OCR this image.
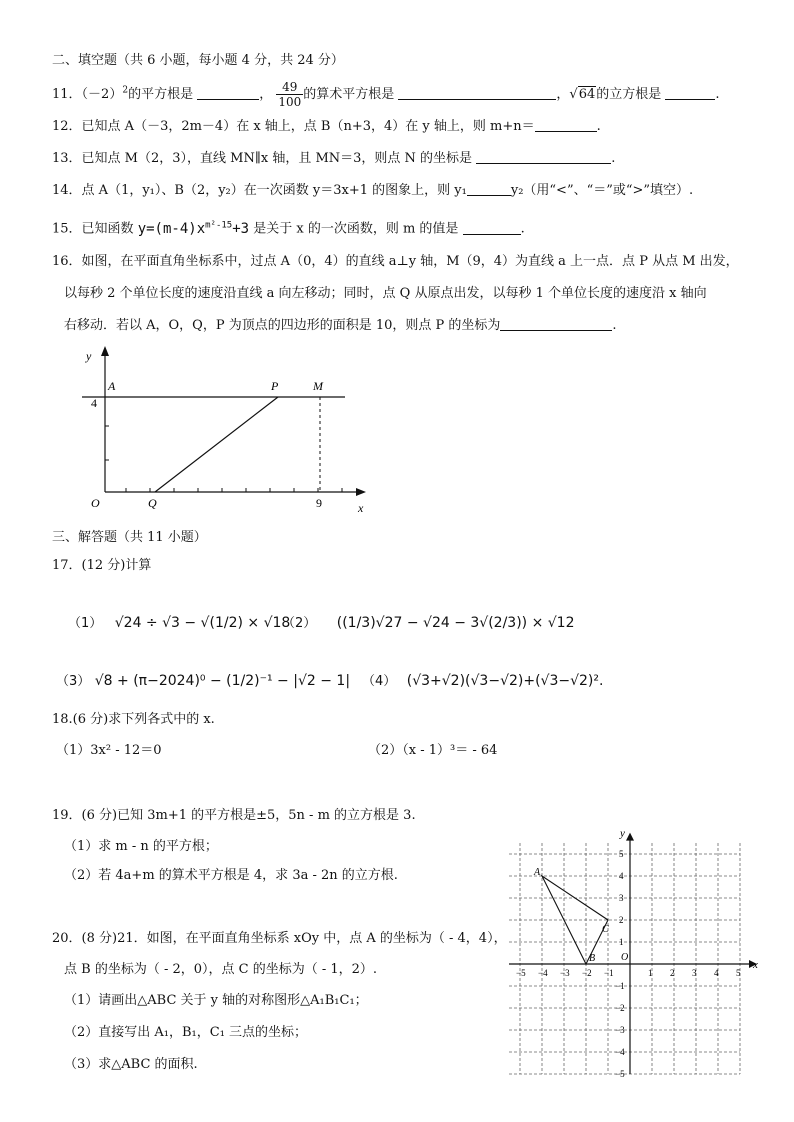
二、填空题（共 6 小题，每小题 4 分，共 24 分）
11．$(-2)^2$的平方根是	， $\frac{49}{100}$ 的算术平方根是	，√64的立方根是	.
12．已知点 A（－3，2m－4）在 x 轴上，点 B（n+3，4）在 y 轴上，则 m+n＝	.
13．已知点 M（2，3），直线 MN∥x 轴，且 MN＝3，则点 N 的坐标是	.
14．点 A（1，y₁）、B（2，y₂）在一次函数 y＝3x+1 的图象上，则 y₁	y₂（用“<”、“＝”或“>”填空）.
15．已知函数 $y=(m-4)x^{m^2-15}+3$ 是关于 x 的一次函数，则 m 的值是	.
16．如图，在平面直角坐标系中，过点 A（0，4）的直线 a⊥y 轴，M（9，4）为直线 a 上一点．点 P 从点 M 出发，
以每秒 2 个单位长度的速度沿直线 a 向左移动；同时，点 Q 从原点出发，以每秒 1 个单位长度的速度沿 x 轴向
右移动．若以 A，O，Q，P 为顶点的四边形的面积是 10，则点 P 的坐标为	.
y
x
A	P	M
O	Q
4
9
三、解答题（共 11 小题）
17．(12 分)计算
（1） √24 ÷ √3 − √(1/2) × √18
（2） ((1/3)√27 − √24 − 3√(2/3)) × √12
（3） √8 + (π−2024)⁰ − (1/2)⁻¹ − |√2 − 1| （4） (√3+√2)(√3−√2)+(√3−√2)².
18.(6 分)求下列各式中的 x.
（1）3x² - 12＝0	（2）（x - 1）³＝ - 64
19．(6 分)已知 3m+1 的平方根是±5，5n - m 的立方根是 3.
（1）求 m - n 的平方根；
（2）若 4a+m 的算术平方根是 4，求 3a - 2n 的立方根.
20．(8 分)21．如图，在平面直角坐标系 xOy 中，点 A 的坐标为（ - 4，4），
点 B 的坐标为（ - 2，0），点 C 的坐标为（ - 1，2）.
（1）请画出△ABC 关于 y 轴的对称图形△A₁B₁C₁；
（2）直接写出 A₁，B₁，C₁ 三点的坐标；
（3）求△ABC 的面积.
−5 −4 −3 −2 −1	1 2 3 4 5
1
2
3
4
5
−1
−2
−3
−4
−5
x
y
O
A
B
C
